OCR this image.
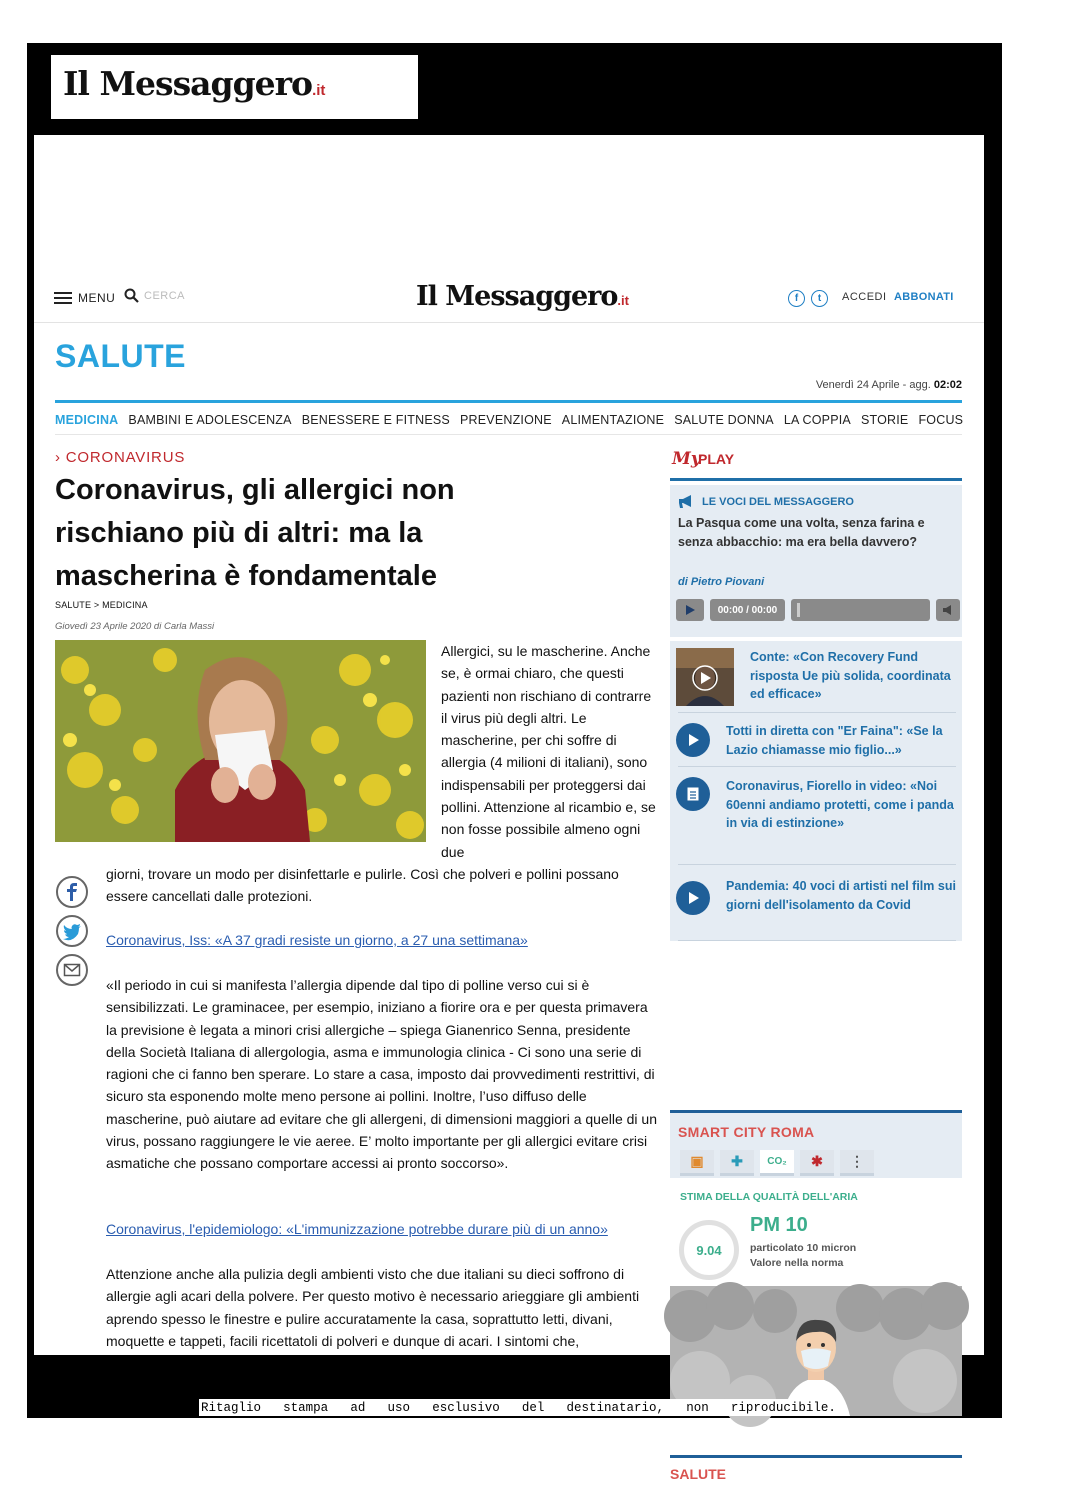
Il Messaggero.it
MENU	CERCA	Il Messaggero.it	f	t	ACCEDI ABBONATI
SALUTE
Venerdì 24 Aprile - agg. 02:02
MEDICINA BAMBINI E ADOLESCENZA BENESSERE E FITNESS PREVENZIONE ALIMENTAZIONE SALUTE DONNA LA COPPIA STORIE FOCUS
› CORONAVIRUS
Coronavirus, gli allergici non rischiano più di altri: ma la mascherina è fondamentale
SALUTE > MEDICINA
Giovedì 23 Aprile 2020 di Carla Massi
Allergici, su le mascherine. Anche se, è ormai chiaro, che questi pazienti non rischiano di contrarre il virus più degli altri. Le mascherine, per chi soffre di allergia (4 milioni di italiani), sono indispensabili per proteggersi dai pollini. Attenzione al ricambio e, se non fosse possibile almeno ogni due
giorni, trovare un modo per disinfettarle e pulirle. Così che polveri e pollini possano essere cancellati dalle protezioni.
Coronavirus, Iss: «A 37 gradi resiste un giorno, a 27 una settimana»
«Il periodo in cui si manifesta l’allergia dipende dal tipo di polline verso cui si è sensibilizzati. Le graminacee, per esempio, iniziano a fiorire ora e per questa primavera la previsione è legata a minori crisi allergiche – spiega Gianenrico Senna, presidente della Società Italiana di allergologia, asma e immunologia clinica - Ci sono una serie di ragioni che ci fanno ben sperare. Lo stare a casa, imposto dai provvedimenti restrittivi, di sicuro sta esponendo molte meno persone ai pollini. Inoltre, l’uso diffuso delle mascherine, può aiutare ad evitare che gli allergeni, di dimensioni maggiori a quelle di un virus, possano raggiungere le vie aeree. E’ molto importante per gli allergici evitare crisi asmatiche che possano comportare accessi ai pronto soccorso».
Coronavirus, l'epidemiologo: «L'immunizzazione potrebbe durare più di un anno»
Attenzione anche alla pulizia degli ambienti visto che due italiani su dieci soffrono di allergie agli acari della polvere. Per questo motivo è necessario arieggiare gli ambienti aprendo spesso le finestre e pulire accuratamente la casa, soprattutto letti, divani, moquette e tappeti, facili ricettatoli di polveri e dunque di acari. I sintomi che,
My
PLAY
LE VOCI DEL MESSAGGERO
La Pasqua come una volta, senza farina e senza abbacchio: ma era bella davvero?
di Pietro Piovani
00:00 / 00:00
Conte: «Con Recovery Fund risposta Ue più solida, coordinata ed efficace»
Totti in diretta con "Er Faina": «Se la Lazio chiamasse mio figlio...»
Coronavirus, Fiorello in video: «Noi 60enni andiamo protetti, come i panda in via di estinzione»
Pandemia: 40 voci di artisti nel film sui giorni dell'isolamento da Covid
SMART CITY ROMA
▣	✚	CO₂	✱	⋮
STIMA DELLA QUALITÀ DELL'ARIA
9.04
PM 10
particolato 10 micron
Valore nella norma
SALUTE
Ritaglio stampa ad uso esclusivo del destinatario, non riproducibile.
